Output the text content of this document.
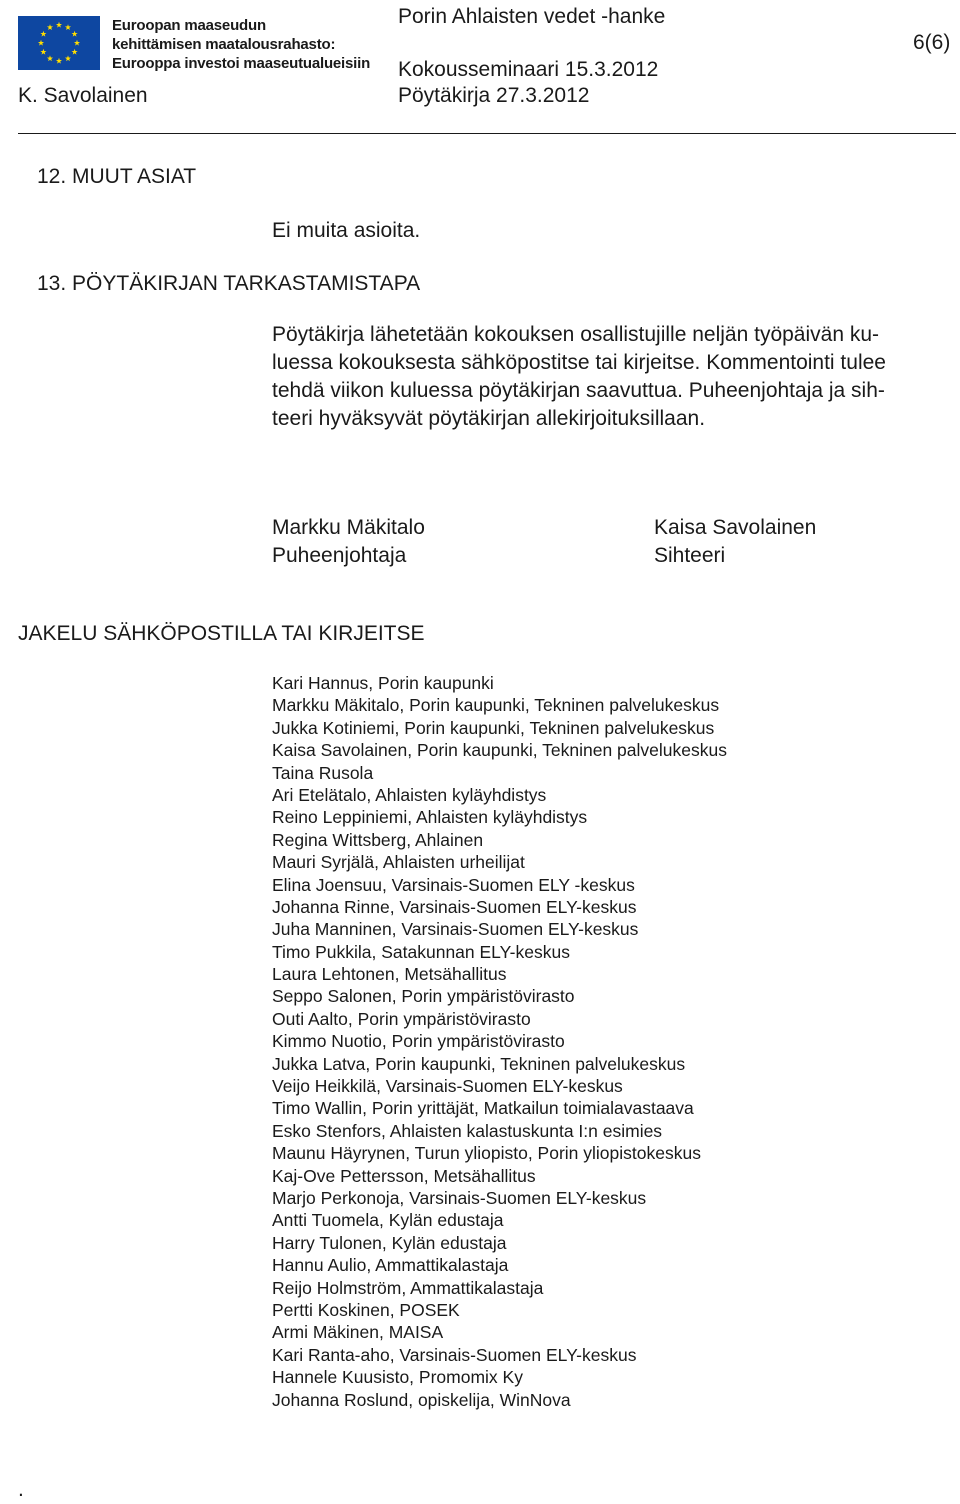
Euroopan maaseudun
kehittämisen maatalousrahasto:
Eurooppa investoi maaseutualueisiin
Porin Ahlaisten vedet -hanke
Kokousseminaari 15.3.2012
K. Savolainen	Pöytäkirja 27.3.2012
6(6)
12. MUUT ASIAT
Ei muita asioita.
13. PÖYTÄKIRJAN TARKASTAMISTAPA
Pöytäkirja lähetetään kokouksen osallistujille neljän työpäivän ku-
luessa kokouksesta sähköpostitse tai kirjeitse. Kommentointi tulee
tehdä viikon kuluessa pöytäkirjan saavuttua. Puheenjohtaja ja sih-
teeri hyväksyvät pöytäkirjan allekirjoituksillaan.
Markku Mäkitalo
Puheenjohtaja
Kaisa Savolainen
Sihteeri
JAKELU SÄHKÖPOSTILLA TAI KIRJEITSE
Kari Hannus, Porin kaupunki
Markku Mäkitalo, Porin kaupunki, Tekninen palvelukeskus
Jukka Kotiniemi, Porin kaupunki, Tekninen palvelukeskus
Kaisa Savolainen, Porin kaupunki, Tekninen palvelukeskus
Taina Rusola
Ari Etelätalo, Ahlaisten kyläyhdistys
Reino Leppiniemi, Ahlaisten kyläyhdistys
Regina Wittsberg, Ahlainen
Mauri Syrjälä, Ahlaisten urheilijat
Elina Joensuu, Varsinais-Suomen ELY -keskus
Johanna Rinne, Varsinais-Suomen ELY-keskus
Juha Manninen, Varsinais-Suomen ELY-keskus
Timo Pukkila, Satakunnan ELY-keskus
Laura Lehtonen, Metsähallitus
Seppo Salonen, Porin ympäristövirasto
Outi Aalto, Porin ympäristövirasto
Kimmo Nuotio, Porin ympäristövirasto
Jukka Latva, Porin kaupunki, Tekninen palvelukeskus
Veijo Heikkilä, Varsinais-Suomen ELY-keskus
Timo Wallin, Porin yrittäjät, Matkailun toimialavastaava
Esko Stenfors, Ahlaisten kalastuskunta I:n esimies
Maunu Häyrynen, Turun yliopisto, Porin yliopistokeskus
Kaj-Ove Pettersson, Metsähallitus
Marjo Perkonoja, Varsinais-Suomen ELY-keskus
Antti Tuomela, Kylän edustaja
Harry Tulonen, Kylän edustaja
Hannu Aulio, Ammattikalastaja
Reijo Holmström, Ammattikalastaja
Pertti Koskinen, POSEK
Armi Mäkinen, MAISA
Kari Ranta-aho, Varsinais-Suomen ELY-keskus
Hannele Kuusisto, Promomix Ky
Johanna Roslund, opiskelija, WinNova
.
